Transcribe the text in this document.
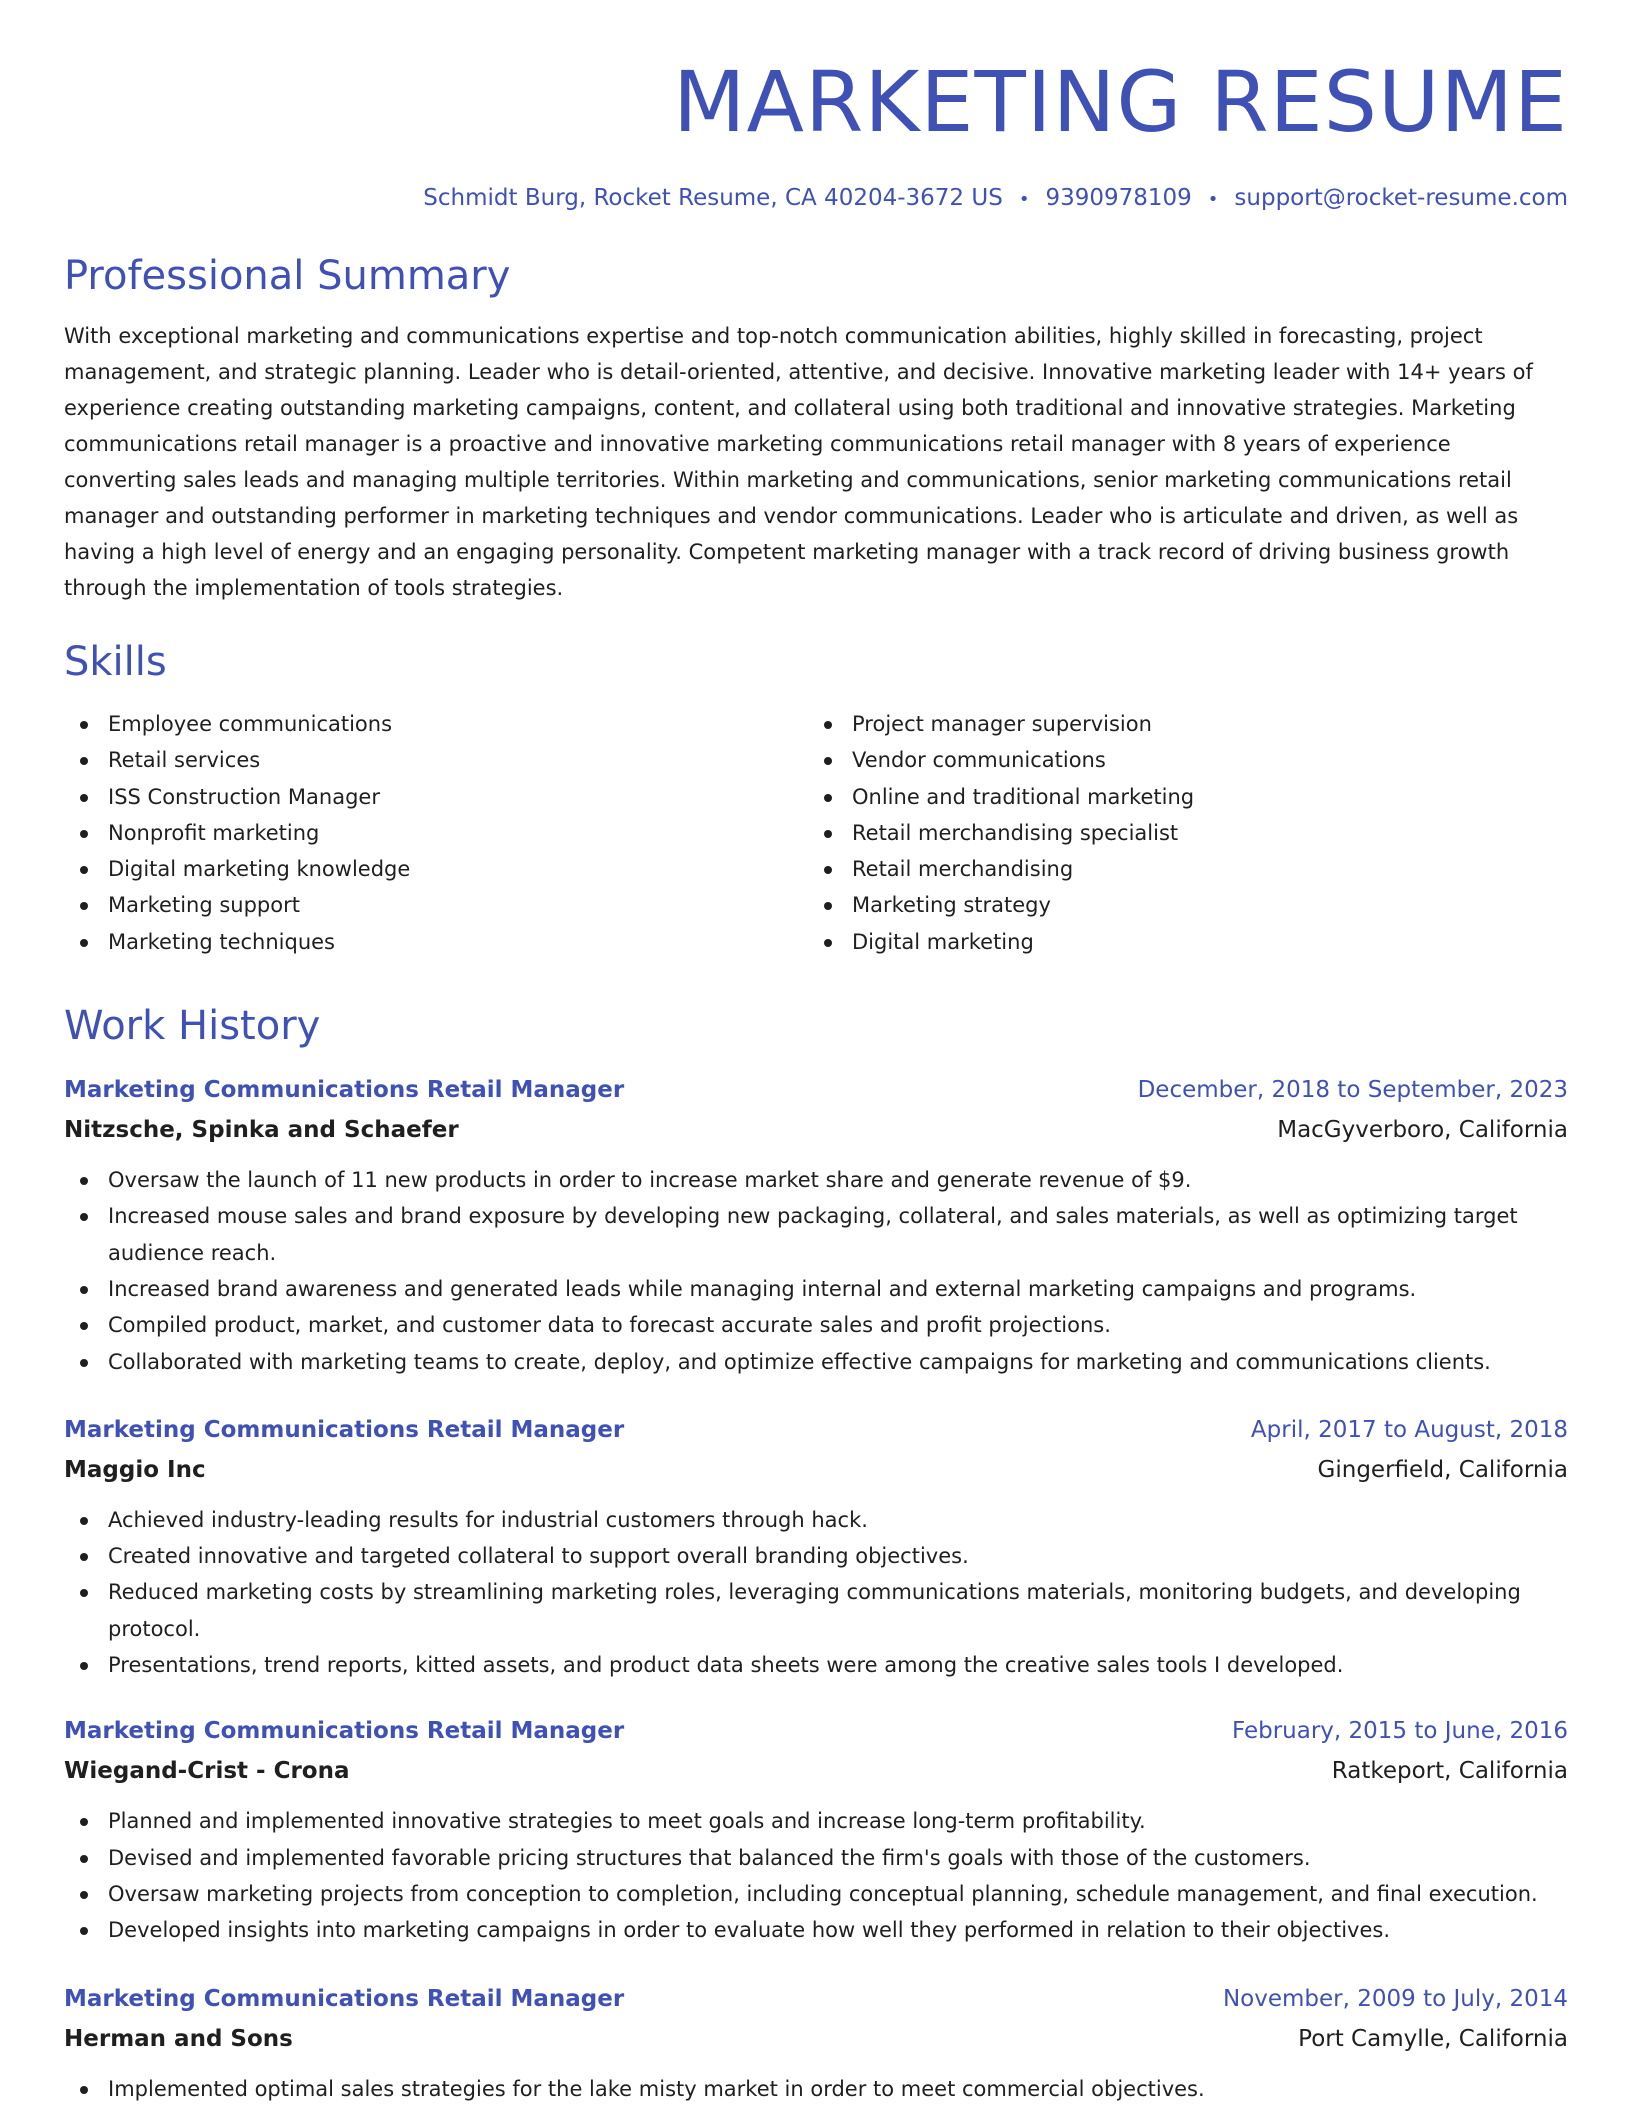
MARKETING RESUME
Schmidt Burg, Rocket Resume, CA 40204-3672 US • 9390978109 • support@rocket-resume.com
Professional Summary
With exceptional marketing and communications expertise and top-notch communication abilities, highly skilled in forecasting, project management, and strategic planning. Leader who is detail-oriented, attentive, and decisive. Innovative marketing leader with 14+ years of experience creating outstanding marketing campaigns, content, and collateral using both traditional and innovative strategies. Marketing communications retail manager is a proactive and innovative marketing communications retail manager with 8 years of experience converting sales leads and managing multiple territories. Within marketing and communications, senior marketing communications retail manager and outstanding performer in marketing techniques and vendor communications. Leader who is articulate and driven, as well as having a high level of energy and an engaging personality. Competent marketing manager with a track record of driving business growth through the implementation of tools strategies.
Skills
Employee communications
Retail services
ISS Construction Manager
Nonprofit marketing
Digital marketing knowledge
Marketing support
Marketing techniques
Project manager supervision
Vendor communications
Online and traditional marketing
Retail merchandising specialist
Retail merchandising
Marketing strategy
Digital marketing
Work History
Marketing Communications Retail Manager	December, 2018 to September, 2023
Nitzsche, Spinka and Schaefer	MacGyverboro, California
Oversaw the launch of 11 new products in order to increase market share and generate revenue of $9.
Increased mouse sales and brand exposure by developing new packaging, collateral, and sales materials, as well as optimizing target audience reach.
Increased brand awareness and generated leads while managing internal and external marketing campaigns and programs.
Compiled product, market, and customer data to forecast accurate sales and profit projections.
Collaborated with marketing teams to create, deploy, and optimize effective campaigns for marketing and communications clients.
Marketing Communications Retail Manager	April, 2017 to August, 2018
Maggio Inc	Gingerfield, California
Achieved industry-leading results for industrial customers through hack.
Created innovative and targeted collateral to support overall branding objectives.
Reduced marketing costs by streamlining marketing roles, leveraging communications materials, monitoring budgets, and developing protocol.
Presentations, trend reports, kitted assets, and product data sheets were among the creative sales tools I developed.
Marketing Communications Retail Manager	February, 2015 to June, 2016
Wiegand-Crist - Crona	Ratkeport, California
Planned and implemented innovative strategies to meet goals and increase long-term profitability.
Devised and implemented favorable pricing structures that balanced the firm's goals with those of the customers.
Oversaw marketing projects from conception to completion, including conceptual planning, schedule management, and final execution.
Developed insights into marketing campaigns in order to evaluate how well they performed in relation to their objectives.
Marketing Communications Retail Manager	November, 2009 to July, 2014
Herman and Sons	Port Camylle, California
Implemented optimal sales strategies for the lake misty market in order to meet commercial objectives.
